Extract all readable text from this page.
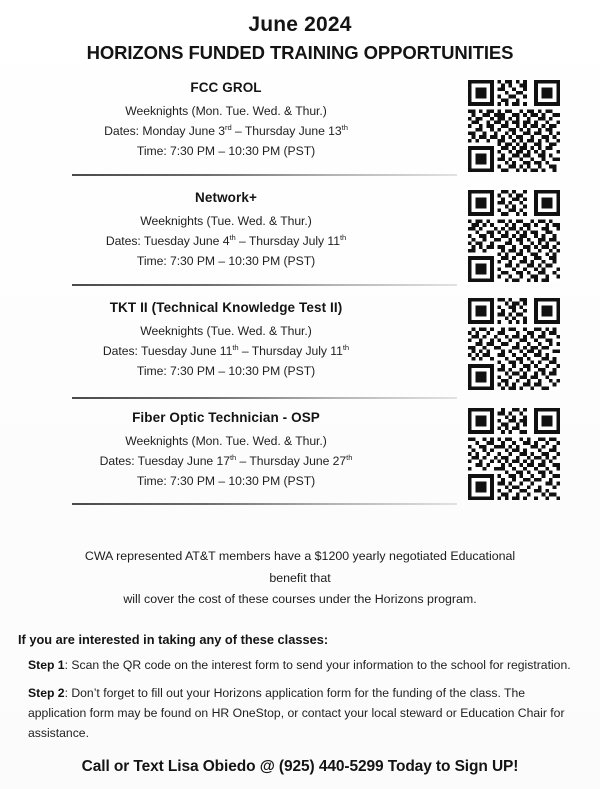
June 2024
HORIZONS FUNDED TRAINING OPPORTUNITIES
FCC GROL
Weeknights (Mon. Tue. Wed. & Thur.)
Dates: Monday June 3rd – Thursday June 13th
Time: 7:30 PM – 10:30 PM (PST)
Network+
Weeknights (Tue. Wed. & Thur.)
Dates: Tuesday June 4th – Thursday July 11th
Time: 7:30 PM – 10:30 PM (PST)
TKT II (Technical Knowledge Test II)
Weeknights (Tue. Wed. & Thur.)
Dates: Tuesday June 11th – Thursday July 11th
Time: 7:30 PM – 10:30 PM (PST)
Fiber Optic Technician - OSP
Weeknights (Mon. Tue. Wed. & Thur.)
Dates: Tuesday June 17th – Thursday June 27th
Time: 7:30 PM – 10:30 PM (PST)
CWA represented AT&T members have a $1200 yearly negotiated Educational benefit that
will cover the cost of these courses under the Horizons program.
If you are interested in taking any of these classes:
Step 1: Scan the QR code on the interest form to send your information to the school for registration.
Step 2: Don’t forget to fill out your Horizons application form for the funding of the class. The application form may be found on HR OneStop, or contact your local steward or Education Chair for assistance.
Call or Text Lisa Obiedo @ (925) 440-5299 Today to Sign UP!
